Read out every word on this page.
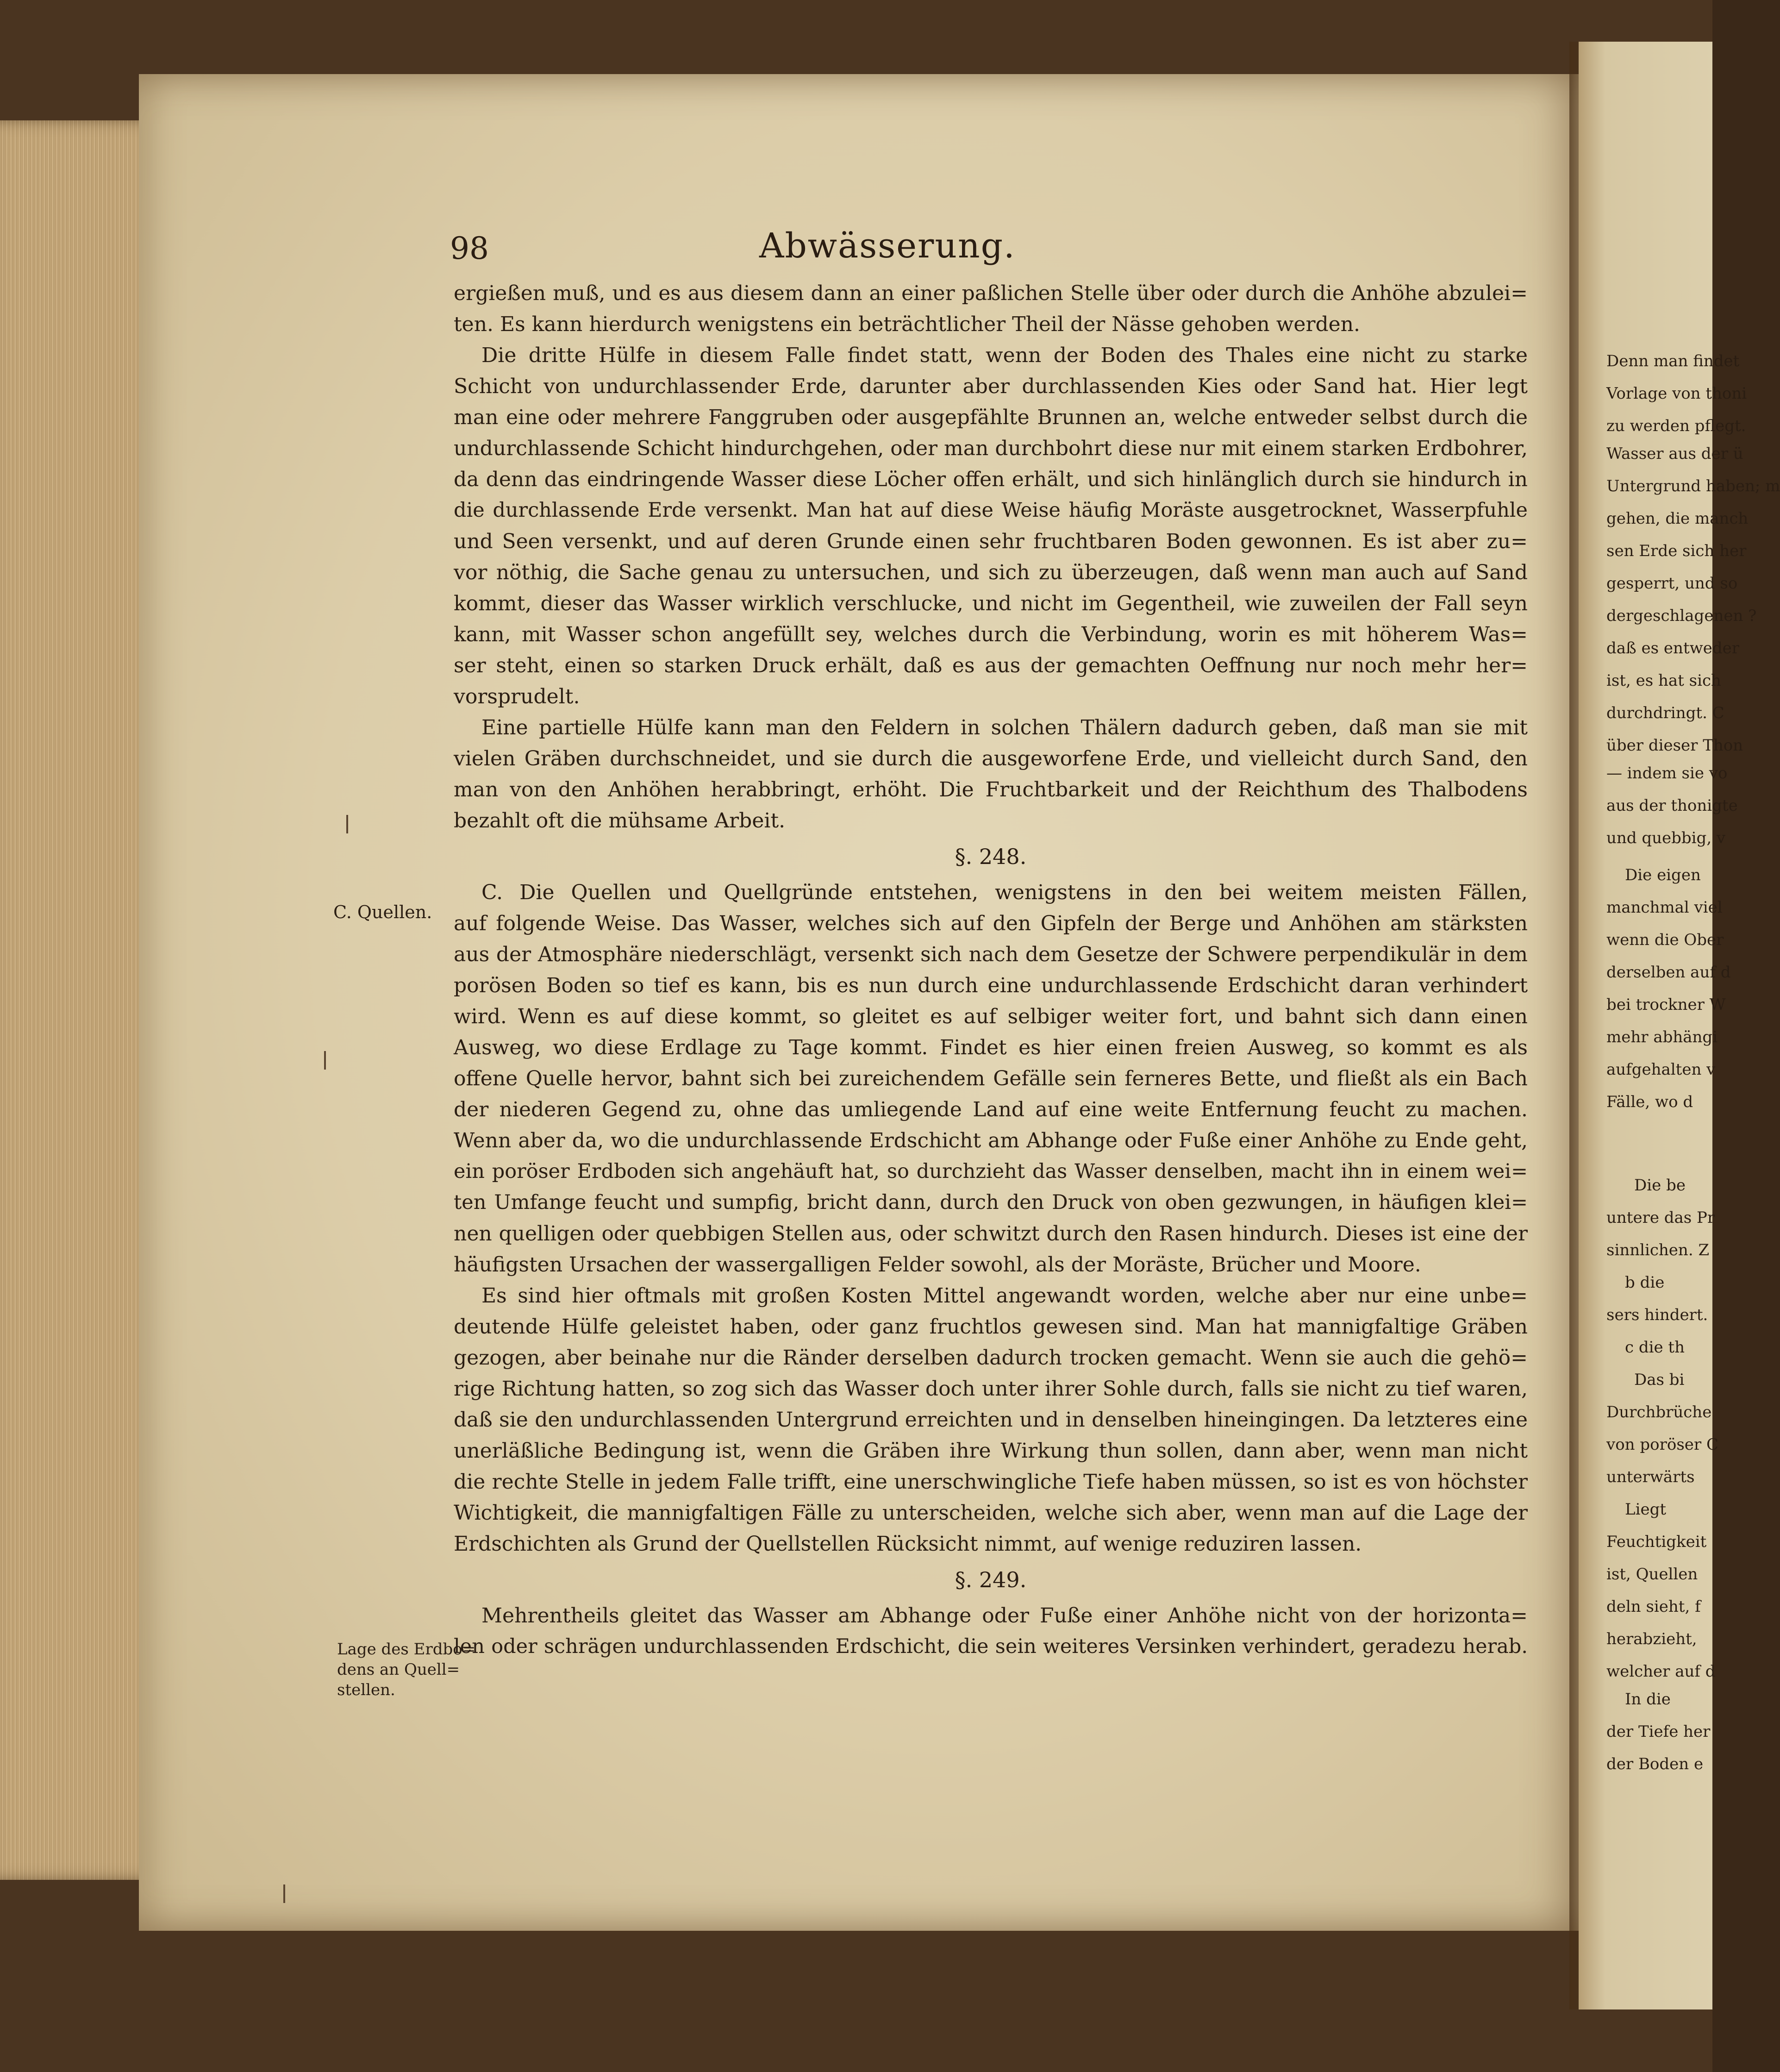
Denn man findet
Vorlage von thoni
zu werden pflegt.
Wasser aus der ü
Untergrund haben; m
gehen, die manch
sen Erde sich her
gesperrt, und so
dergeschlagenen ?
daß es entweder
ist, es hat sich
durchdringt. C
über dieser Thon
— indem sie vo
aus der thonigte
und quebbig, v
Die eigen
manchmal viel
wenn die Ober
derselben auf d
bei trockner W
mehr abhängi
aufgehalten v
Fälle, wo d
Die be
untere das Pr
sinnlichen. Z
b die
sers hindert.
c die th
Das bi
Durchbrüche
von poröser C
unterwärts
Liegt
Feuchtigkeit
ist, Quellen
deln sieht, f
herabzieht,
welcher auf d
In die
der Tiefe her
der Boden e
98	Abwässerung.
C. Quellen.
Lage des Erdbo=
dens an Quell=
stellen.
ergießen muß, und es aus diesem dann an einer paßlichen Stelle über oder durch die Anhöhe abzulei=
ten. Es kann hierdurch wenigstens ein beträchtlicher Theil der Nässe gehoben werden.
Die dritte Hülfe in diesem Falle findet statt, wenn der Boden des Thales eine nicht zu starke
Schicht von undurchlassender Erde, darunter aber durchlassenden Kies oder Sand hat. Hier legt
man eine oder mehrere Fanggruben oder ausgepfählte Brunnen an, welche entweder selbst durch die
undurchlassende Schicht hindurchgehen, oder man durchbohrt diese nur mit einem starken Erdbohrer,
da denn das eindringende Wasser diese Löcher offen erhält, und sich hinlänglich durch sie hindurch in
die durchlassende Erde versenkt. Man hat auf diese Weise häufig Moräste ausgetrocknet, Wasserpfuhle
und Seen versenkt, und auf deren Grunde einen sehr fruchtbaren Boden gewonnen. Es ist aber zu=
vor nöthig, die Sache genau zu untersuchen, und sich zu überzeugen, daß wenn man auch auf Sand
kommt, dieser das Wasser wirklich verschlucke, und nicht im Gegentheil, wie zuweilen der Fall seyn
kann, mit Wasser schon angefüllt sey, welches durch die Verbindung, worin es mit höherem Was=
ser steht, einen so starken Druck erhält, daß es aus der gemachten Oeffnung nur noch mehr her=
vorsprudelt.
Eine partielle Hülfe kann man den Feldern in solchen Thälern dadurch geben, daß man sie mit
vielen Gräben durchschneidet, und sie durch die ausgeworfene Erde, und vielleicht durch Sand, den
man von den Anhöhen herabbringt, erhöht. Die Fruchtbarkeit und der Reichthum des Thalbodens
bezahlt oft die mühsame Arbeit.
§. 248.
C. Die Quellen und Quellgründe entstehen, wenigstens in den bei weitem meisten Fällen,
auf folgende Weise. Das Wasser, welches sich auf den Gipfeln der Berge und Anhöhen am stärksten
aus der Atmosphäre niederschlägt, versenkt sich nach dem Gesetze der Schwere perpendikulär in dem
porösen Boden so tief es kann, bis es nun durch eine undurchlassende Erdschicht daran verhindert
wird. Wenn es auf diese kommt, so gleitet es auf selbiger weiter fort, und bahnt sich dann einen
Ausweg, wo diese Erdlage zu Tage kommt. Findet es hier einen freien Ausweg, so kommt es als
offene Quelle hervor, bahnt sich bei zureichendem Gefälle sein ferneres Bette, und fließt als ein Bach
der niederen Gegend zu, ohne das umliegende Land auf eine weite Entfernung feucht zu machen.
Wenn aber da, wo die undurchlassende Erdschicht am Abhange oder Fuße einer Anhöhe zu Ende geht,
ein poröser Erdboden sich angehäuft hat, so durchzieht das Wasser denselben, macht ihn in einem wei=
ten Umfange feucht und sumpfig, bricht dann, durch den Druck von oben gezwungen, in häufigen klei=
nen quelligen oder quebbigen Stellen aus, oder schwitzt durch den Rasen hindurch. Dieses ist eine der
häufigsten Ursachen der wassergalligen Felder sowohl, als der Moräste, Brücher und Moore.
Es sind hier oftmals mit großen Kosten Mittel angewandt worden, welche aber nur eine unbe=
deutende Hülfe geleistet haben, oder ganz fruchtlos gewesen sind. Man hat mannigfaltige Gräben
gezogen, aber beinahe nur die Ränder derselben dadurch trocken gemacht. Wenn sie auch die gehö=
rige Richtung hatten, so zog sich das Wasser doch unter ihrer Sohle durch, falls sie nicht zu tief waren,
daß sie den undurchlassenden Untergrund erreichten und in denselben hineingingen. Da letzteres eine
unerläßliche Bedingung ist, wenn die Gräben ihre Wirkung thun sollen, dann aber, wenn man nicht
die rechte Stelle in jedem Falle trifft, eine unerschwingliche Tiefe haben müssen, so ist es von höchster
Wichtigkeit, die mannigfaltigen Fälle zu unterscheiden, welche sich aber, wenn man auf die Lage der
Erdschichten als Grund der Quellstellen Rücksicht nimmt, auf wenige reduziren lassen.
§. 249.
Mehrentheils gleitet das Wasser am Abhange oder Fuße einer Anhöhe nicht von der horizonta=
len oder schrägen undurchlassenden Erdschicht, die sein weiteres Versinken verhindert, geradezu herab.
